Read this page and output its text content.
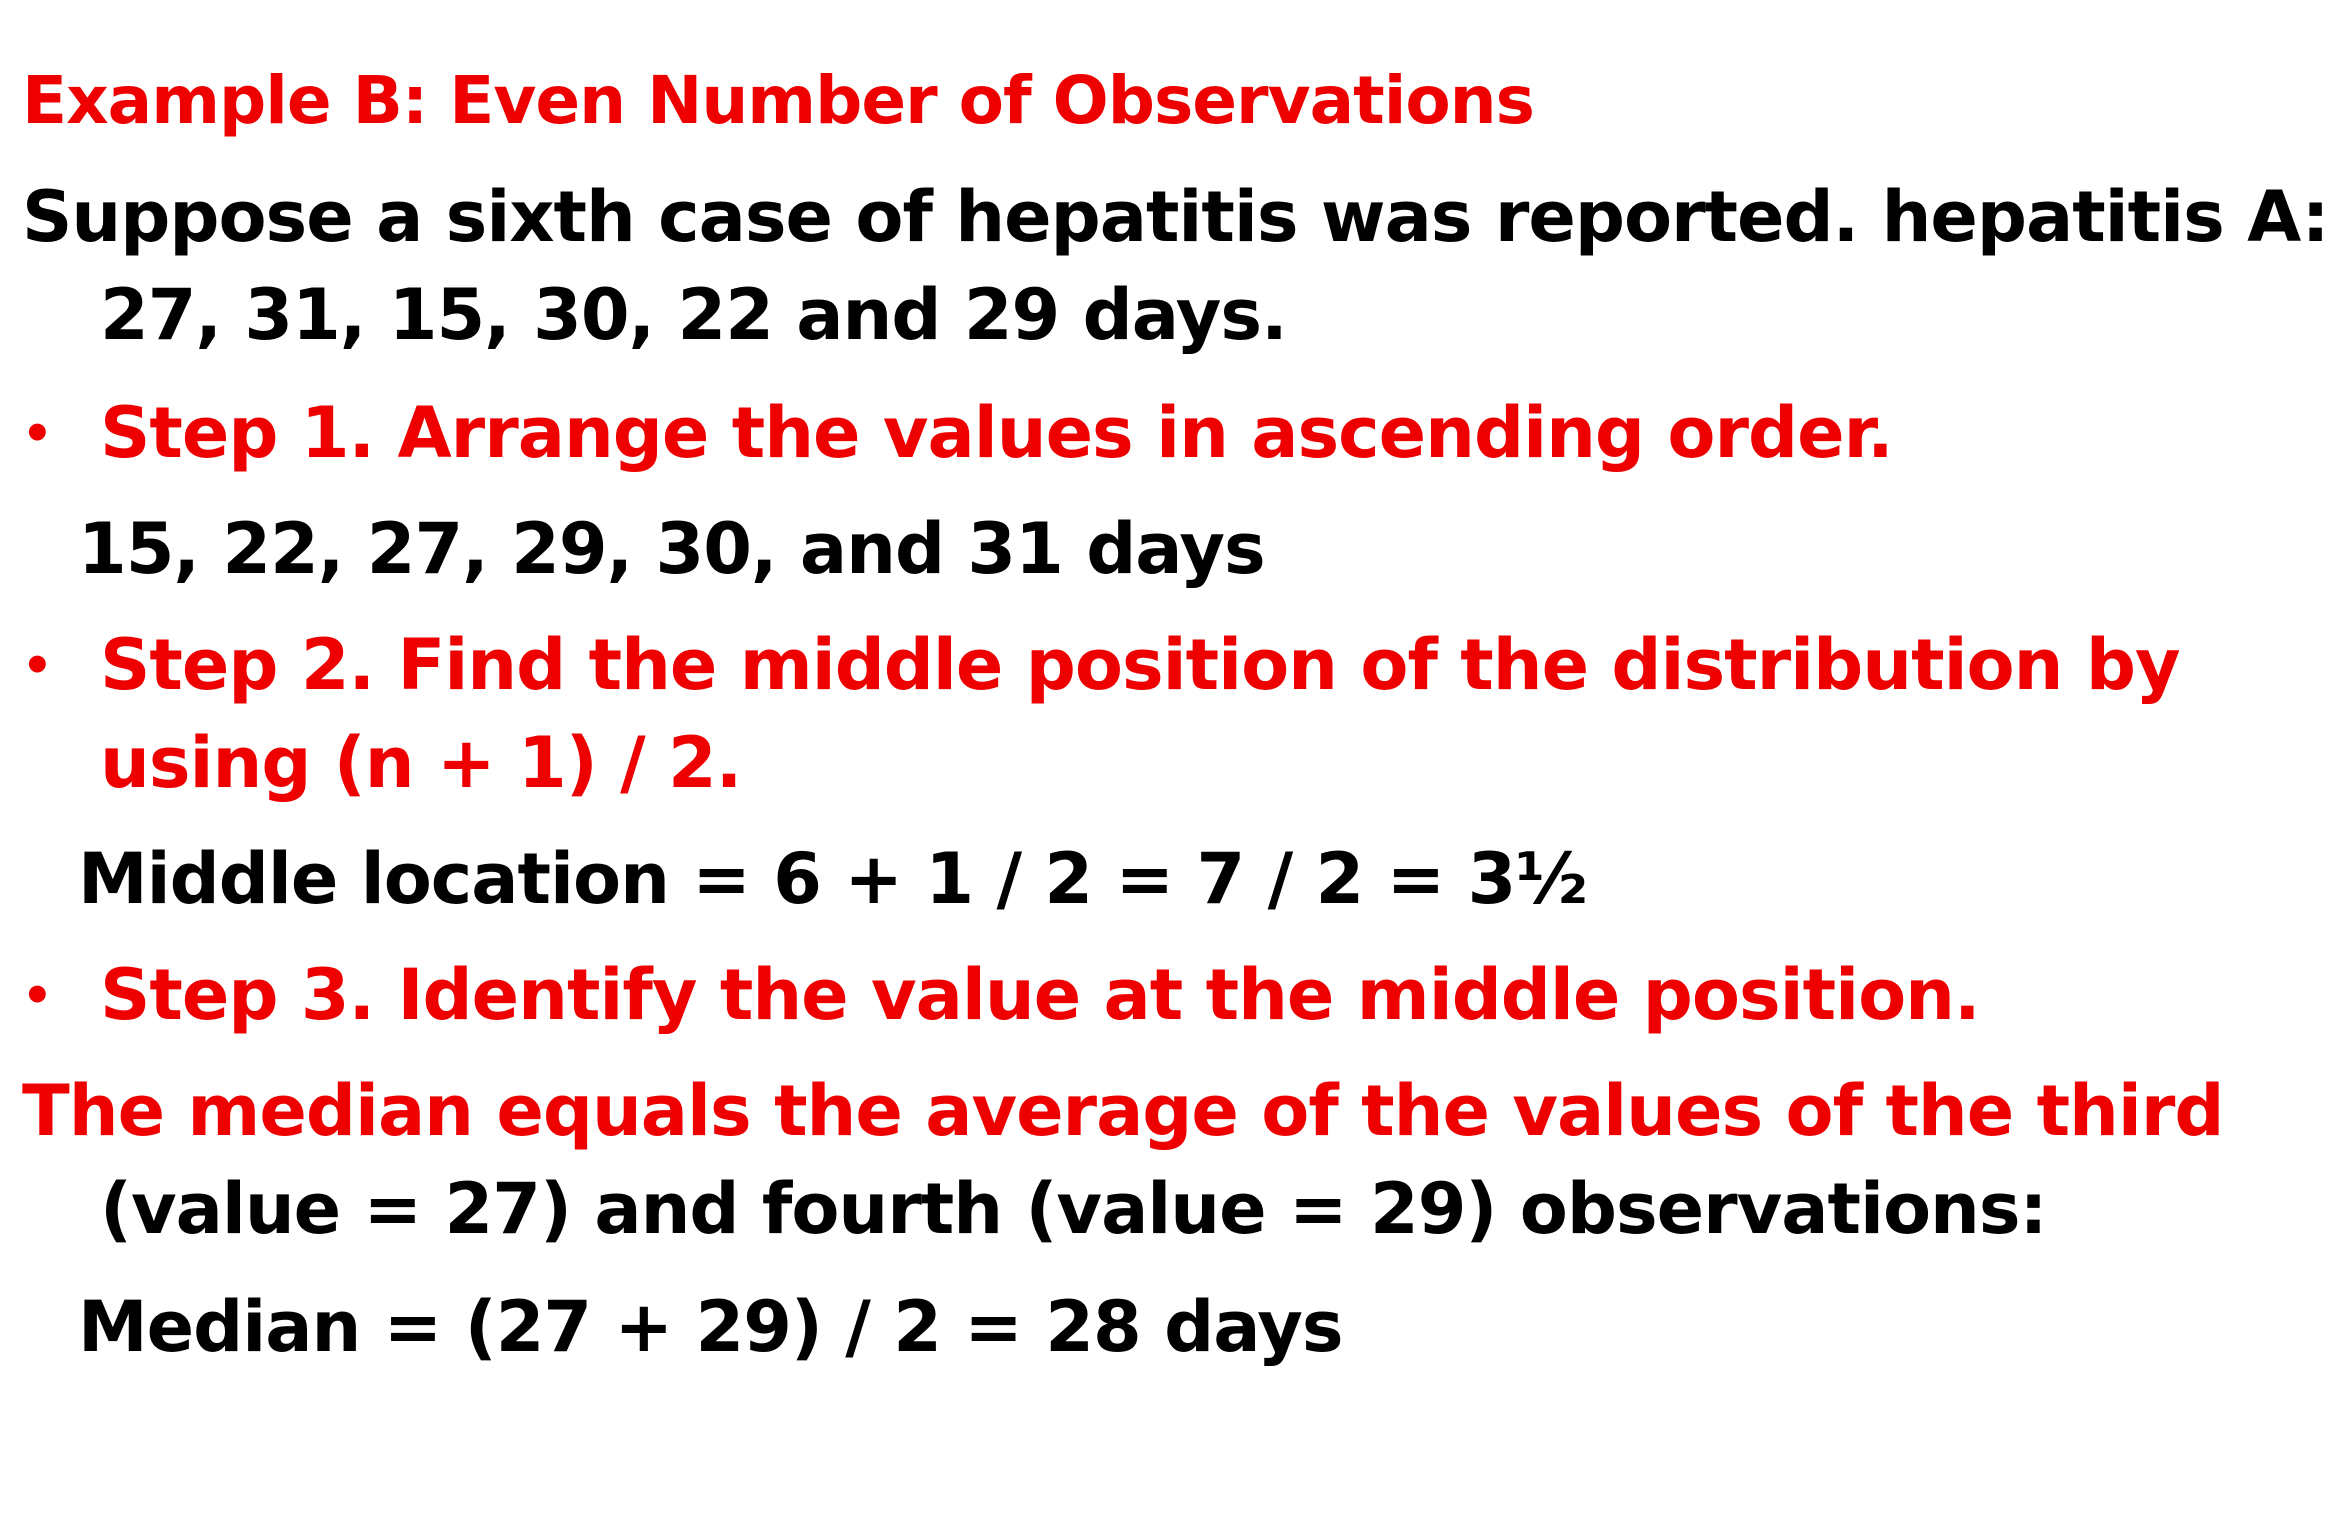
Example B: Even Number of Observations
Suppose a sixth case of hepatitis was reported. hepatitis A:
27, 31, 15, 30, 22 and 29 days.
• Step 1. Arrange the values in ascending order.
15, 22, 27, 29, 30, and 31 days
• Step 2. Find the middle position of the distribution by
using (n + 1) / 2.
Middle location = 6 + 1 / 2 = 7 / 2 = 3½
• Step 3. Identify the value at the middle position.
The median equals the average of the values of the third
(value = 27) and fourth (value = 29) observations:
Median = (27 + 29) / 2 = 28 days
